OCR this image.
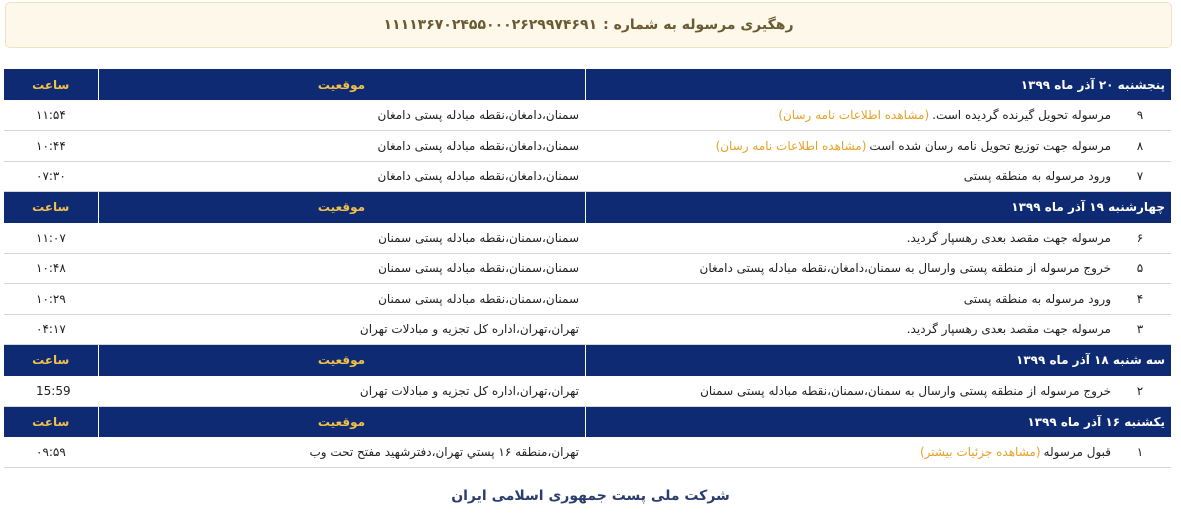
رهگیری مرسوله به شماره :
۱۱۱۱۳۶۷۰۲۴۵۵۰۰۰۲۶۲۹۹۷۴۶۹۱
پنجشنبه ۲۰ آذر ماه ۱۳۹۹	موقعیت	ساعت

۹
مرسوله تحویل گیرنده گردیده است.
(مشاهده اطلاعات نامه رسان)	سمنان،دامغان،نقطه مبادله پستی دامغان	۱۱:۵۴

۸
مرسوله جهت توزیع تحویل نامه رسان شده است
(مشاهده اطلاعات نامه رسان)	سمنان،دامغان،نقطه مبادله پستی دامغان	۱۰:۴۴

۷
ورود مرسوله به منطقه پستی	سمنان،دامغان،نقطه مبادله پستی دامغان	۰۷:۳۰
چهارشنبه ۱۹ آذر ماه ۱۳۹۹	موقعیت	ساعت

۶
مرسوله جهت مقصد بعدی رهسپار گردید.	سمنان،سمنان،نقطه مبادله پستی سمنان	۱۱:۰۷

۵
خروج مرسوله از منطقه پستی وارسال به سمنان،دامغان،نقطه مبادله پستی دامغان	سمنان،سمنان،نقطه مبادله پستی سمنان	۱۰:۴۸

۴
ورود مرسوله به منطقه پستی	سمنان،سمنان،نقطه مبادله پستی سمنان	۱۰:۲۹

۳
مرسوله جهت مقصد بعدی رهسپار گردید.	تهران،تهران،اداره کل تجزیه و مبادلات تهران	۰۴:۱۷
سه شنبه ۱۸ آذر ماه ۱۳۹۹	موقعیت	ساعت

۲
خروج مرسوله از منطقه پستی وارسال به سمنان،سمنان،نقطه مبادله پستی سمنان	تهران،تهران،اداره کل تجزیه و مبادلات تهران	15:59
یکشنبه ۱۶ آذر ماه ۱۳۹۹	موقعیت	ساعت

۱
قبول مرسوله
(مشاهده جزئیات بیشتر)	تهران،منطقه ۱۶ پستي تهران،دفترشهید مفتح تحت وب	۰۹:۵۹
شرکت ملی پست جمهوری اسلامی ایران
